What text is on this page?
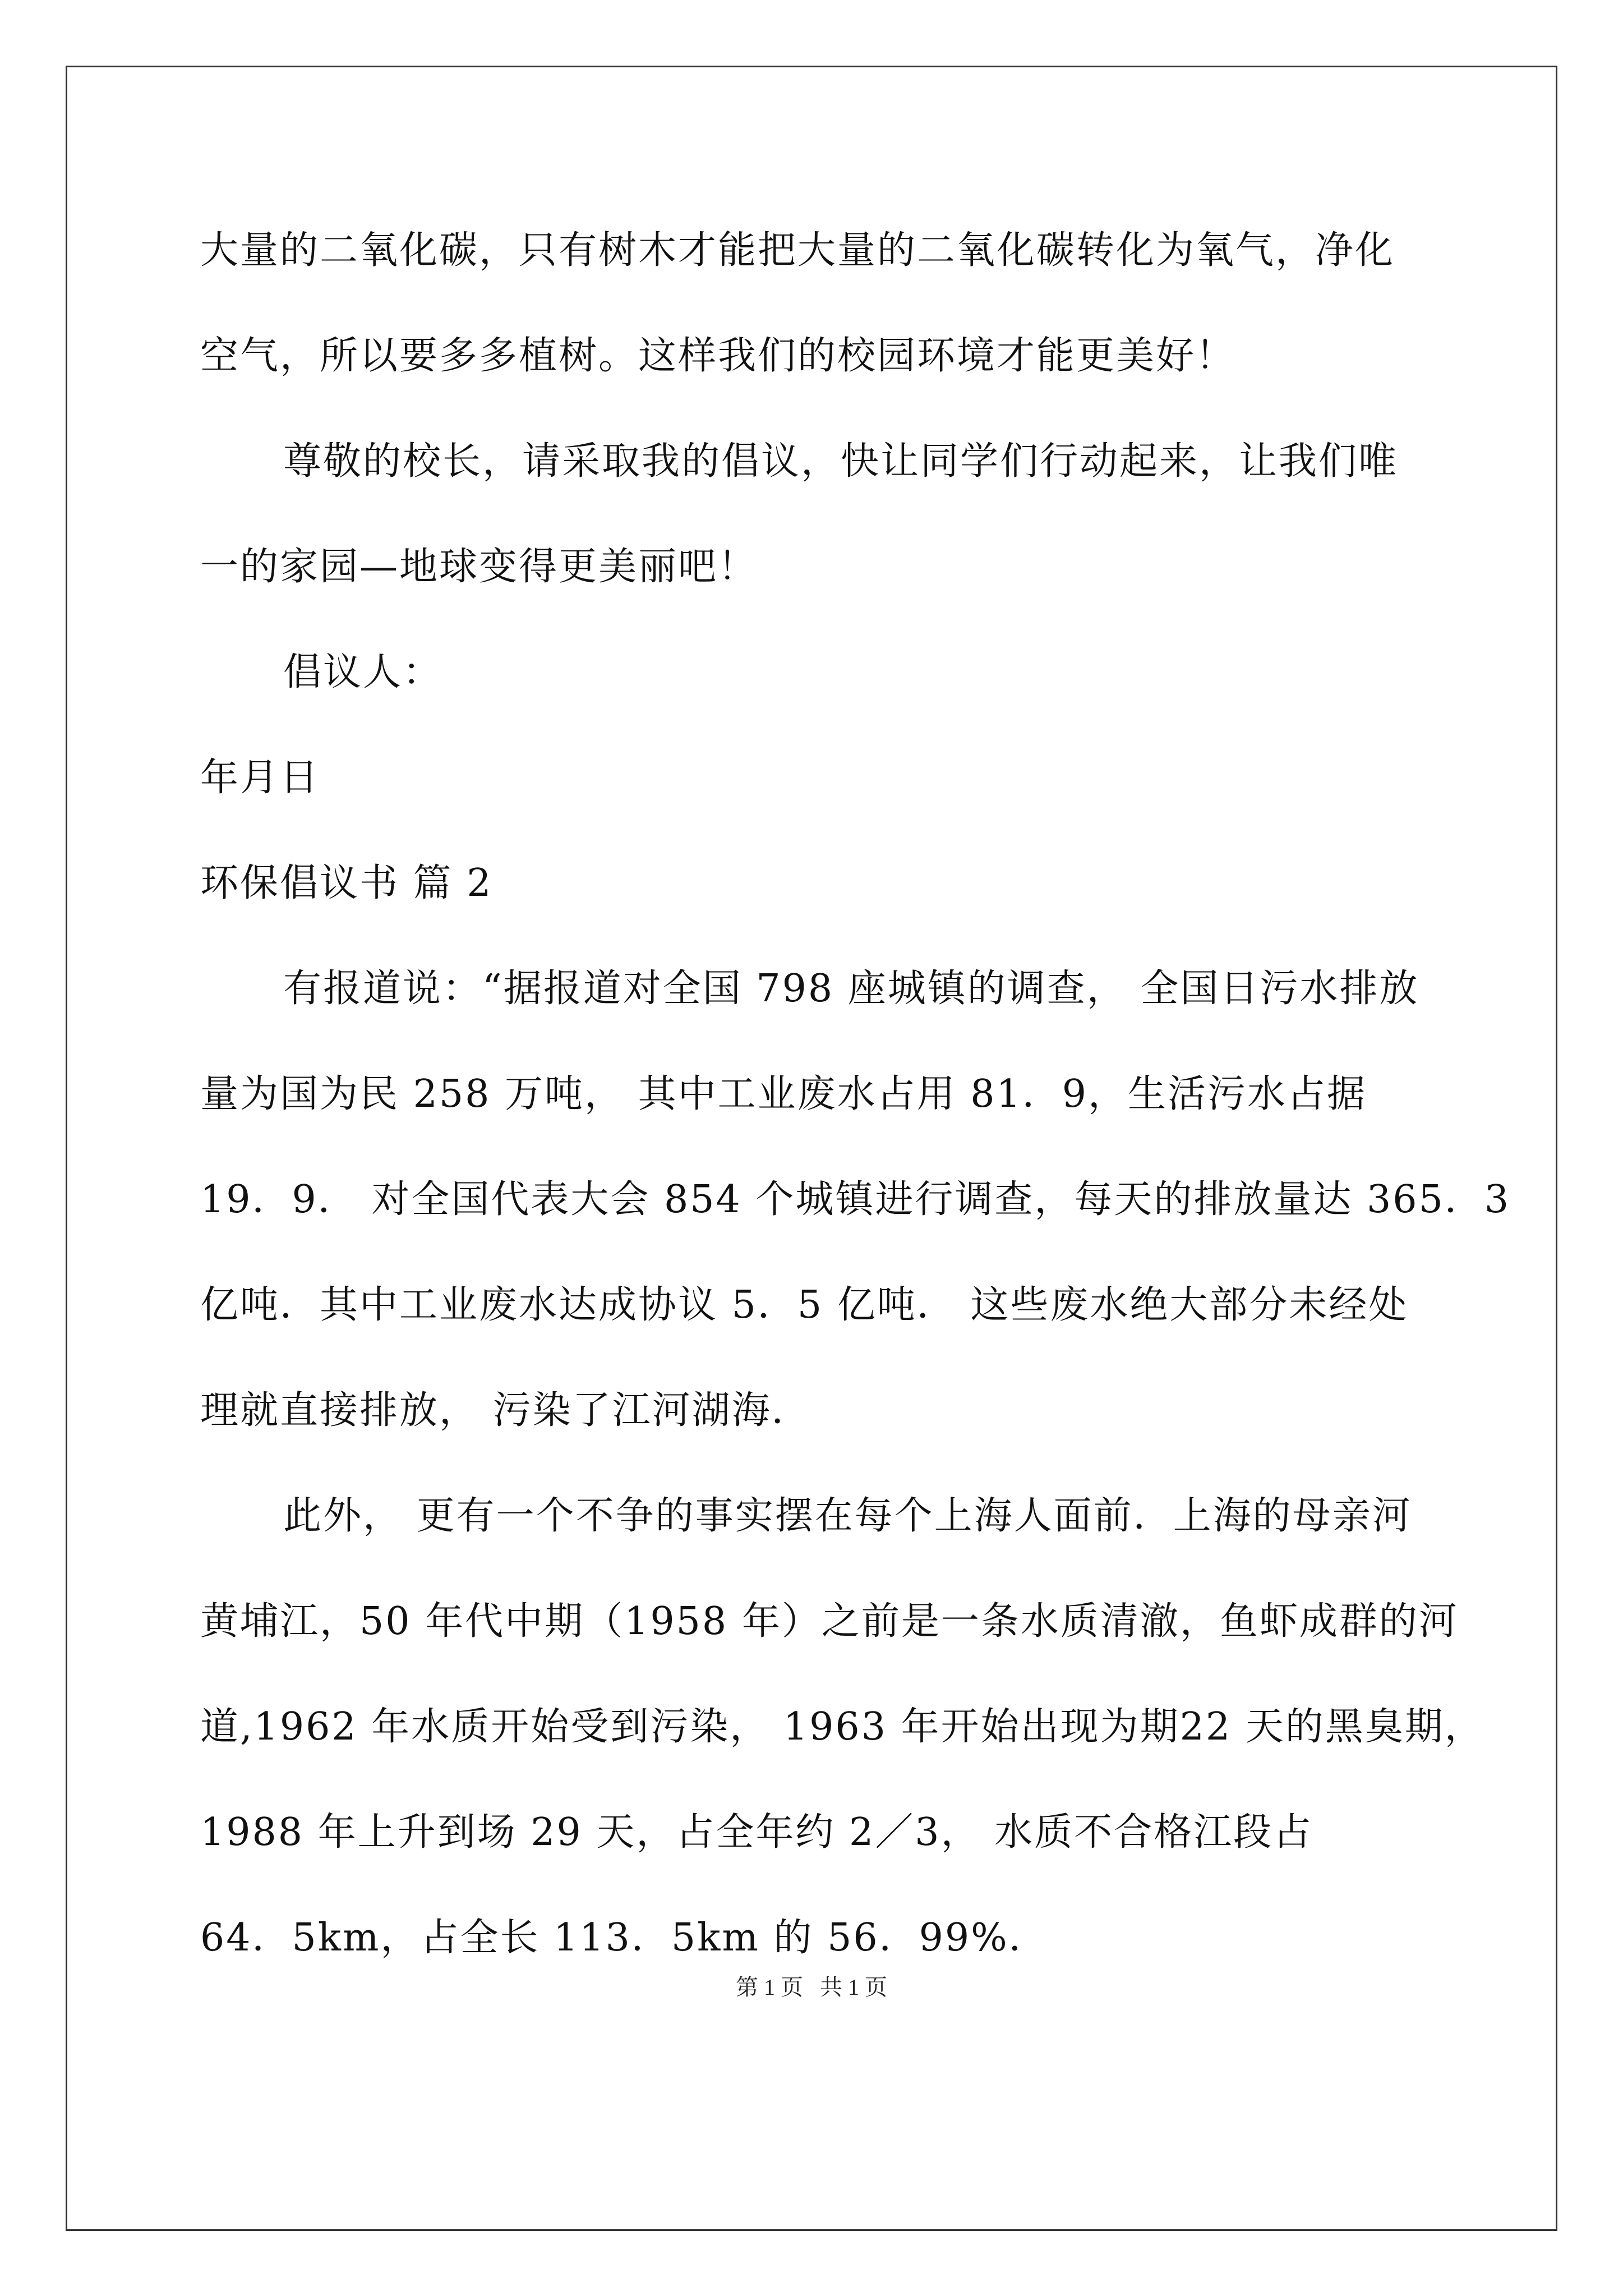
大量的二氧化碳，只有树木才能把大量的二氧化碳转化为氧气，净化
空气，所以要多多植树。这样我们的校园环境才能更美好！
尊敬的校长，请采取我的倡议，快让同学们行动起来，让我们唯
一的家园—地球变得更美丽吧！
倡议人：
年月日
环保倡议书 篇 2
有报道说：“据报道对全国 798 座城镇的调查， 全国日污水排放
量为国为民 258 万吨， 其中工业废水占用 81．9，生活污水占据
19．9． 对全国代表大会 854 个城镇进行调查，每天的排放量达 365．3
亿吨．其中工业废水达成协议 5．5 亿吨． 这些废水绝大部分未经处
理就直接排放， 污染了江河湖海．
此外， 更有一个不争的事实摆在每个上海人面前．上海的母亲河
黄埔江，50 年代中期（1958 年）之前是一条水质清澈，鱼虾成群的河
道,1962 年水质开始受到污染， 1963 年开始出现为期22 天的黑臭期，
1988 年上升到场 29 天，占全年约 2／3， 水质不合格江段占
64．5km，占全长 113．5km 的 56．99%．
第 1 页   共 1 页
